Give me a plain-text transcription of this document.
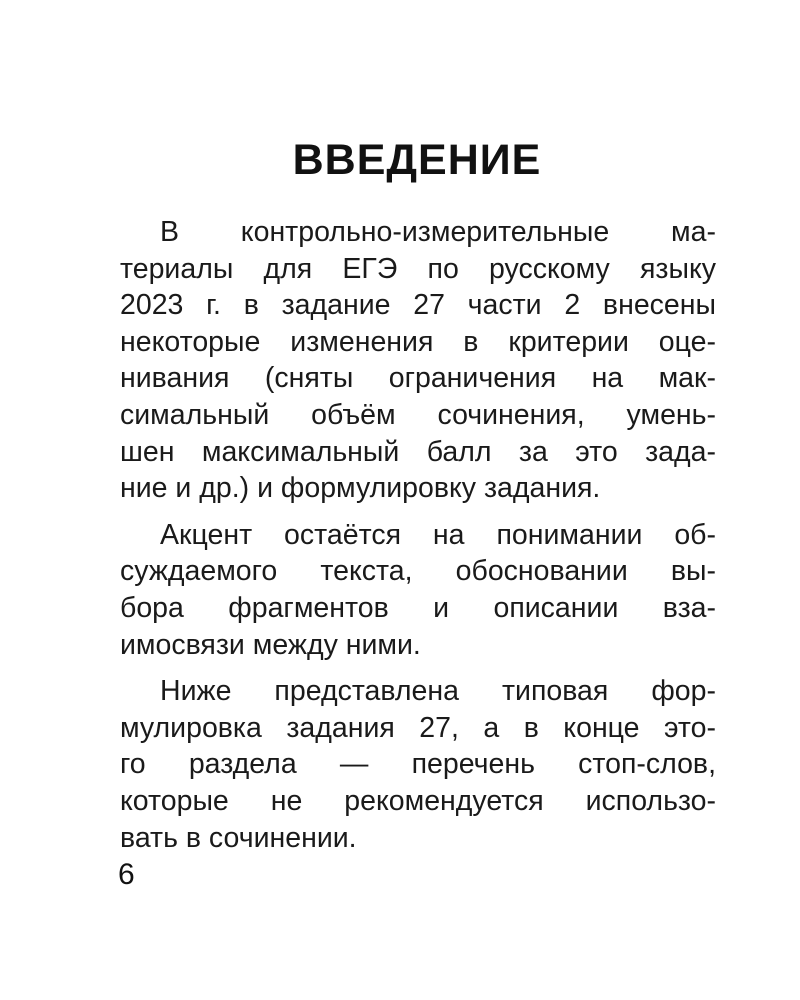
ВВЕДЕНИЕ
В контрольно-измерительные ма-
териалы для ЕГЭ по русскому языку
2023 г. в задание 27 части 2 внесены
некоторые изменения в критерии оце-
нивания (сняты ограничения на мак-
симальный объём сочинения, умень-
шен максимальный балл за это зада-
ние и др.) и формулировку задания.
Акцент остаётся на понимании об-
суждаемого текста, обосновании вы-
бора фрагментов и описании вза-
имосвязи между ними.
Ниже представлена типовая фор-
мулировка задания 27, а в конце это-
го раздела — перечень стоп-слов,
которые не рекомендуется использо-
вать в сочинении.
6
